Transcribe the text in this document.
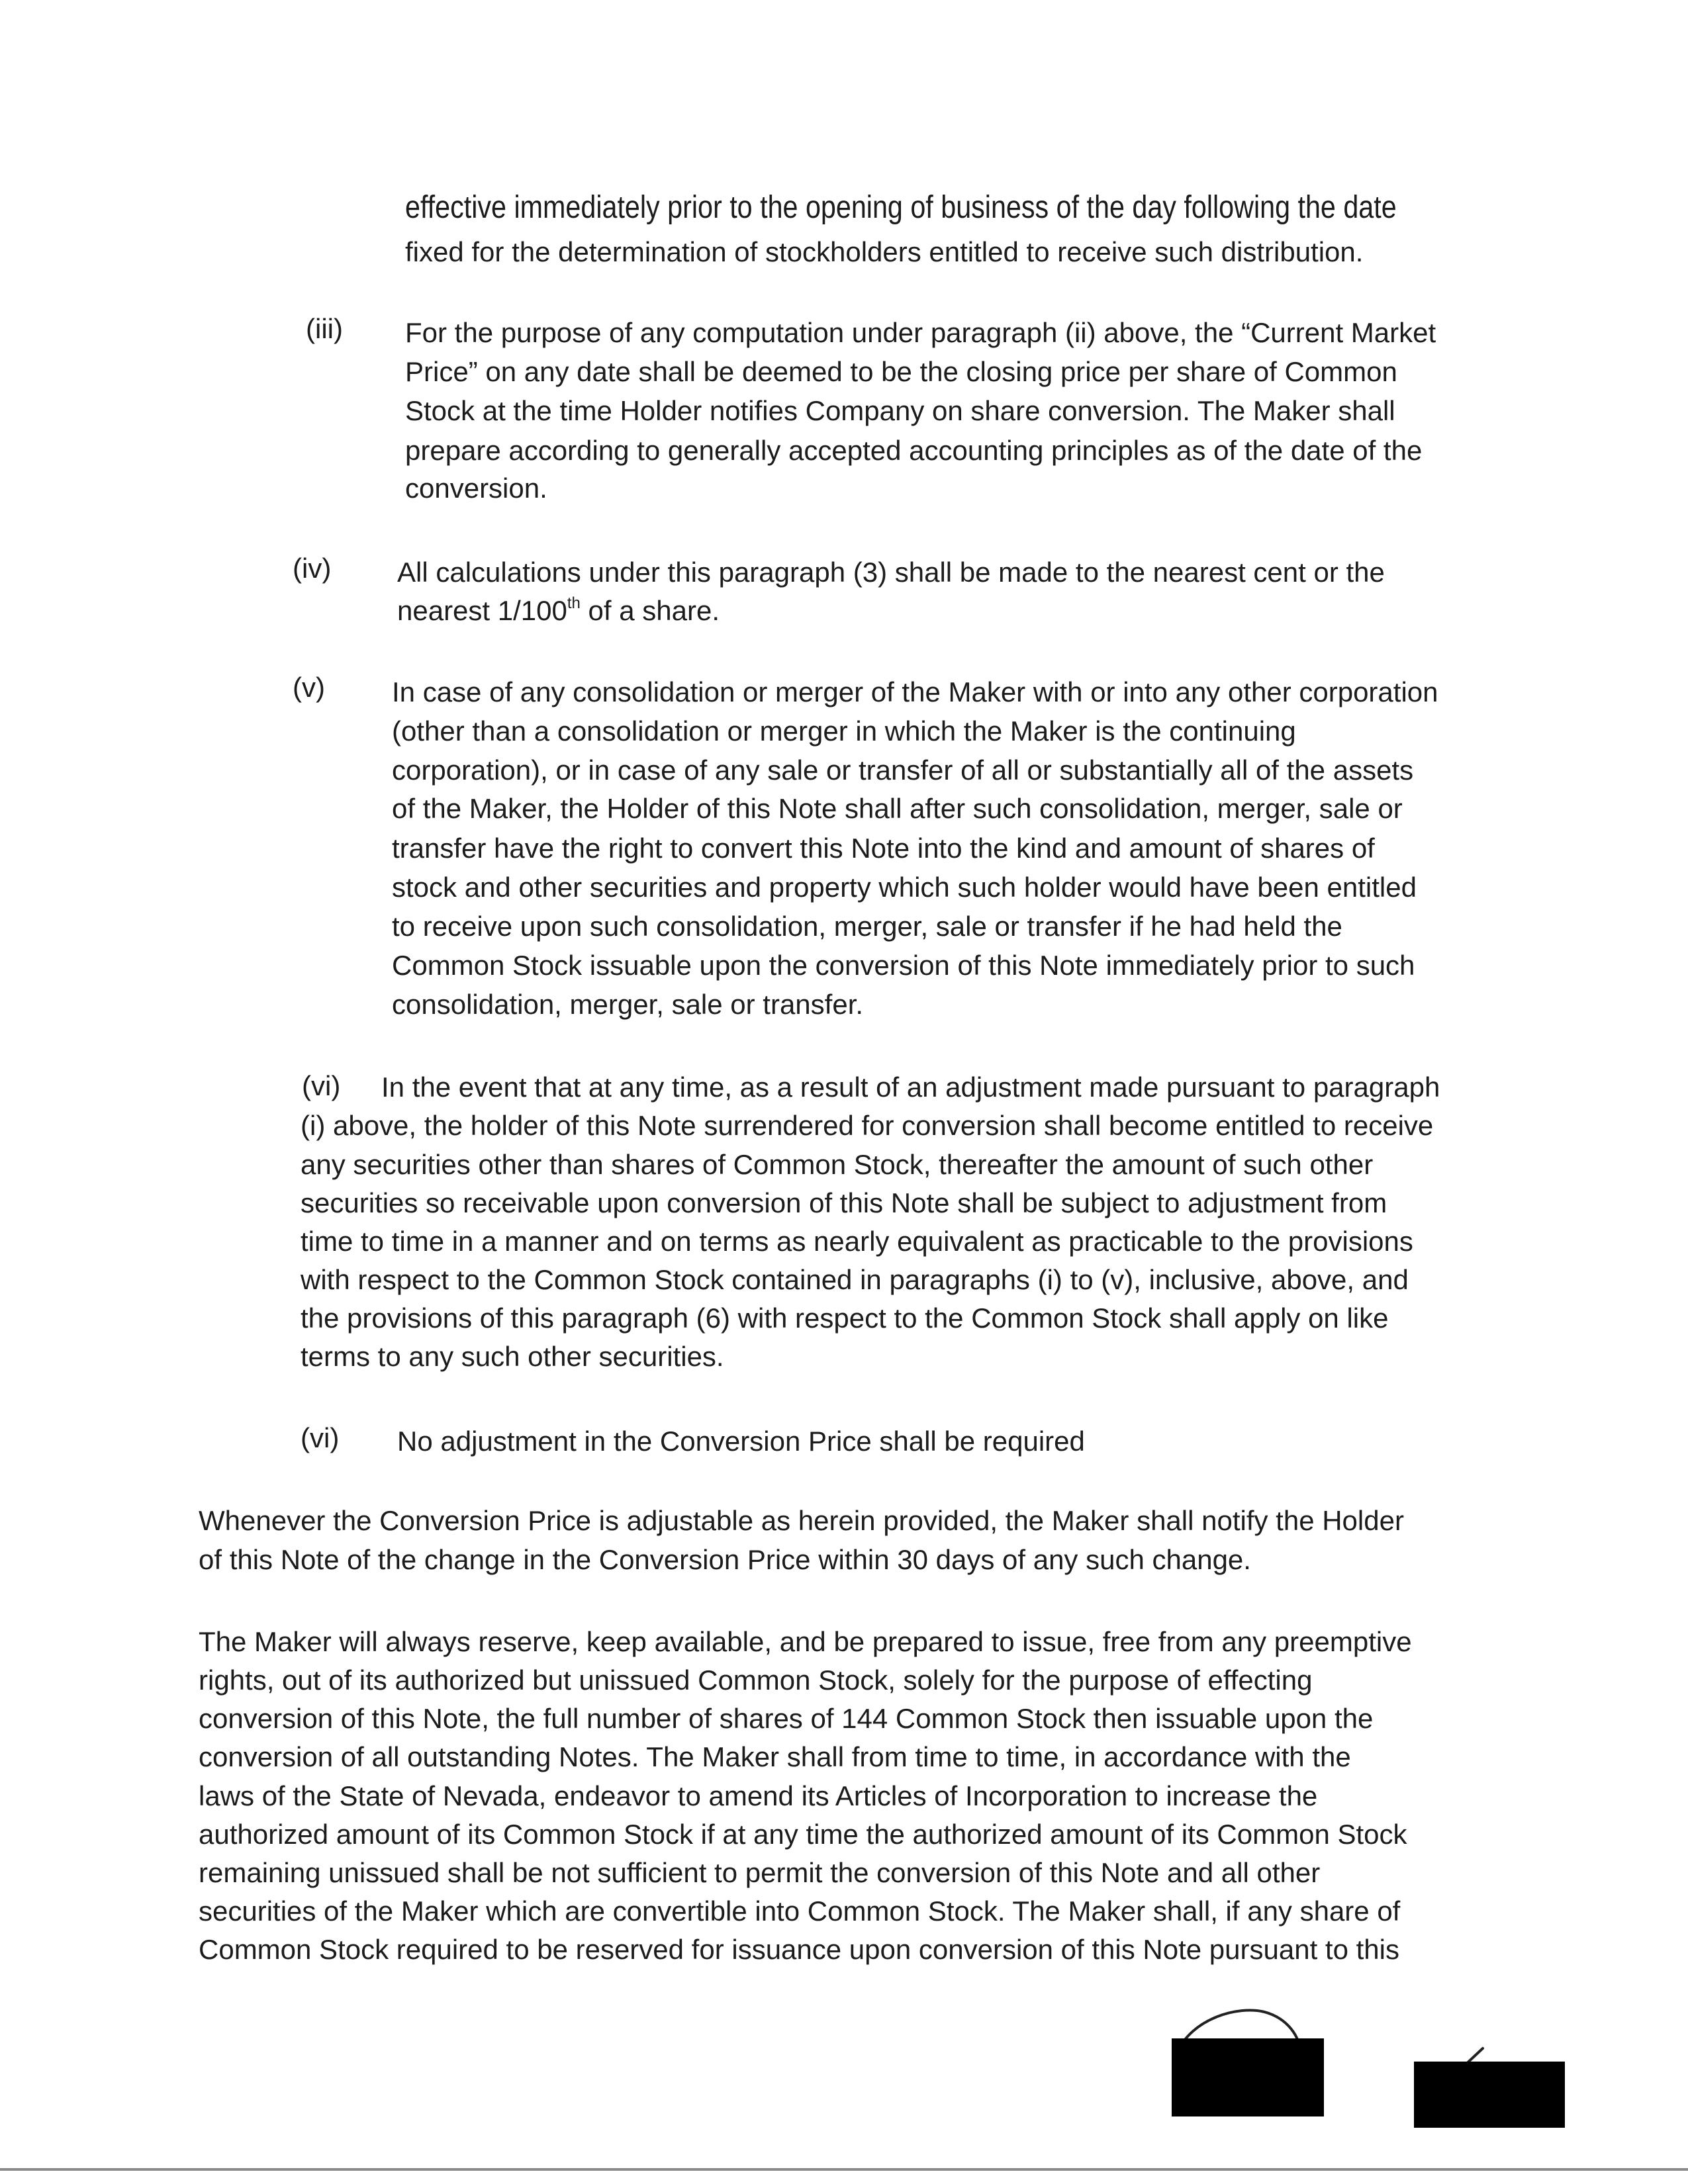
effective immediately prior to the opening of business of the day following the date
fixed for the determination of stockholders entitled to receive such distribution.
(iii) For the purpose of any computation under paragraph (ii) above, the “Current Market
Price” on any date shall be deemed to be the closing price per share of Common
Stock at the time Holder notifies Company on share conversion. The Maker shall
prepare according to generally accepted accounting principles as of the date of the
conversion.
(iv) All calculations under this paragraph (3) shall be made to the nearest cent or the
nearest 1/100th of a share.
(v) In case of any consolidation or merger of the Maker with or into any other corporation
(other than a consolidation or merger in which the Maker is the continuing
corporation), or in case of any sale or transfer of all or substantially all of the assets
of the Maker, the Holder of this Note shall after such consolidation, merger, sale or
transfer have the right to convert this Note into the kind and amount of shares of
stock and other securities and property which such holder would have been entitled
to receive upon such consolidation, merger, sale or transfer if he had held the
Common Stock issuable upon the conversion of this Note immediately prior to such
consolidation, merger, sale or transfer.
(vi) In the event that at any time, as a result of an adjustment made pursuant to paragraph
(i) above, the holder of this Note surrendered for conversion shall become entitled to receive
any securities other than shares of Common Stock, thereafter the amount of such other
securities so receivable upon conversion of this Note shall be subject to adjustment from
time to time in a manner and on terms as nearly equivalent as practicable to the provisions
with respect to the Common Stock contained in paragraphs (i) to (v), inclusive, above, and
the provisions of this paragraph (6) with respect to the Common Stock shall apply on like
terms to any such other securities.
(vi) No adjustment in the Conversion Price shall be required
Whenever the Conversion Price is adjustable as herein provided, the Maker shall notify the Holder
of this Note of the change in the Conversion Price within 30 days of any such change.
The Maker will always reserve, keep available, and be prepared to issue, free from any preemptive
rights, out of its authorized but unissued Common Stock, solely for the purpose of effecting
conversion of this Note, the full number of shares of 144 Common Stock then issuable upon the
conversion of all outstanding Notes. The Maker shall from time to time, in accordance with the
laws of the State of Nevada, endeavor to amend its Articles of Incorporation to increase the
authorized amount of its Common Stock if at any time the authorized amount of its Common Stock
remaining unissued shall be not sufficient to permit the conversion of this Note and all other
securities of the Maker which are convertible into Common Stock. The Maker shall, if any share of
Common Stock required to be reserved for issuance upon conversion of this Note pursuant to this
